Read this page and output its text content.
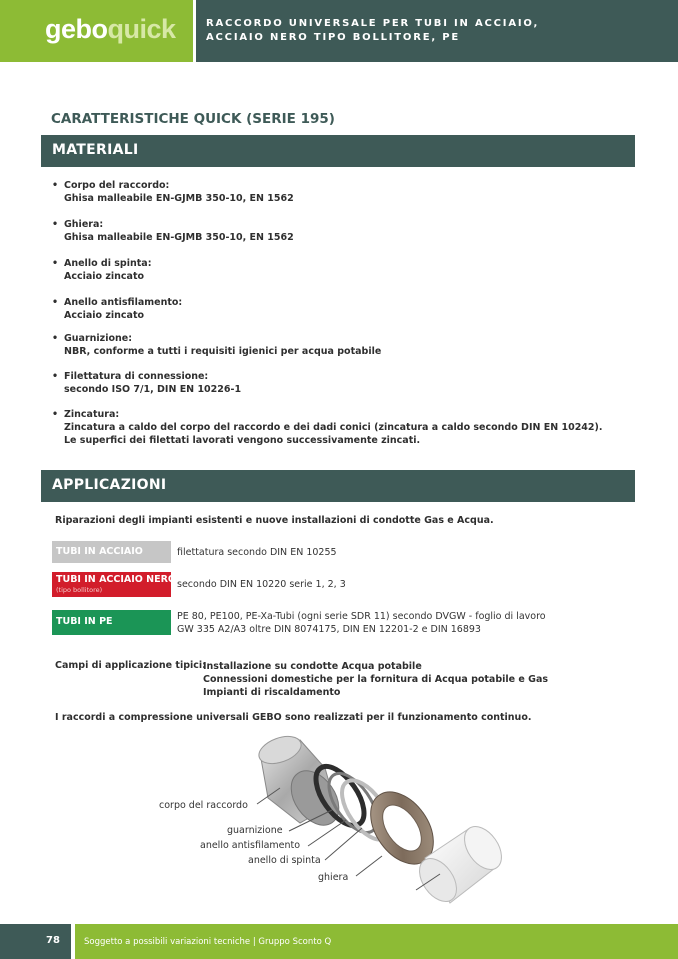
geboquick	RACCORDO UNIVERSALE PER TUBI IN ACCIAIO,
ACCIAIO NERO TIPO BOLLITORE, PE
CARATTERISTICHE QUICK (SERIE 195)
MATERIALI
• Corpo del raccordo:
Ghisa malleabile EN-GJMB 350-10, EN 1562
• Ghiera:
Ghisa malleabile EN-GJMB 350-10, EN 1562
• Anello di spinta:
Acciaio zincato
• Anello antisfilamento:
Acciaio zincato
• Guarnizione:
NBR, conforme a tutti i requisiti igienici per acqua potabile
• Filettatura di connessione:
secondo ISO 7/1, DIN EN 10226-1
• Zincatura:
Zincatura a caldo del corpo del raccordo e dei dadi conici (zincatura a caldo secondo DIN EN 10242).
Le superfici dei filettati lavorati vengono successivamente zincati.
APPLICAZIONI
Riparazioni degli impianti esistenti e nuove installazioni di condotte Gas e Acqua.
TUBI IN ACCIAIO	filettatura secondo DIN EN 10255
TUBI IN ACCIAIO NERO
(tipo bollitore)	secondo DIN EN 10220 serie 1, 2, 3
TUBI IN PE	PE 80, PE100, PE-Xa-Tubi (ogni serie SDR 11) secondo DVGW - foglio di lavoro
GW 335 A2/A3 oltre DIN 8074175, DIN EN 12201-2 e DIN 16893
Campi di applicazione tipici:
Installazione su condotte Acqua potabile
Connessioni domestiche per la fornitura di Acqua potabile e Gas
Impianti di riscaldamento
I raccordi a compressione universali GEBO sono realizzati per il funzionamento continuo.
corpo del raccordo
guarnizione
anello antisfilamento
anello di spinta
ghiera
78	Soggetto a possibili variazioni tecniche | Gruppo Sconto Q
